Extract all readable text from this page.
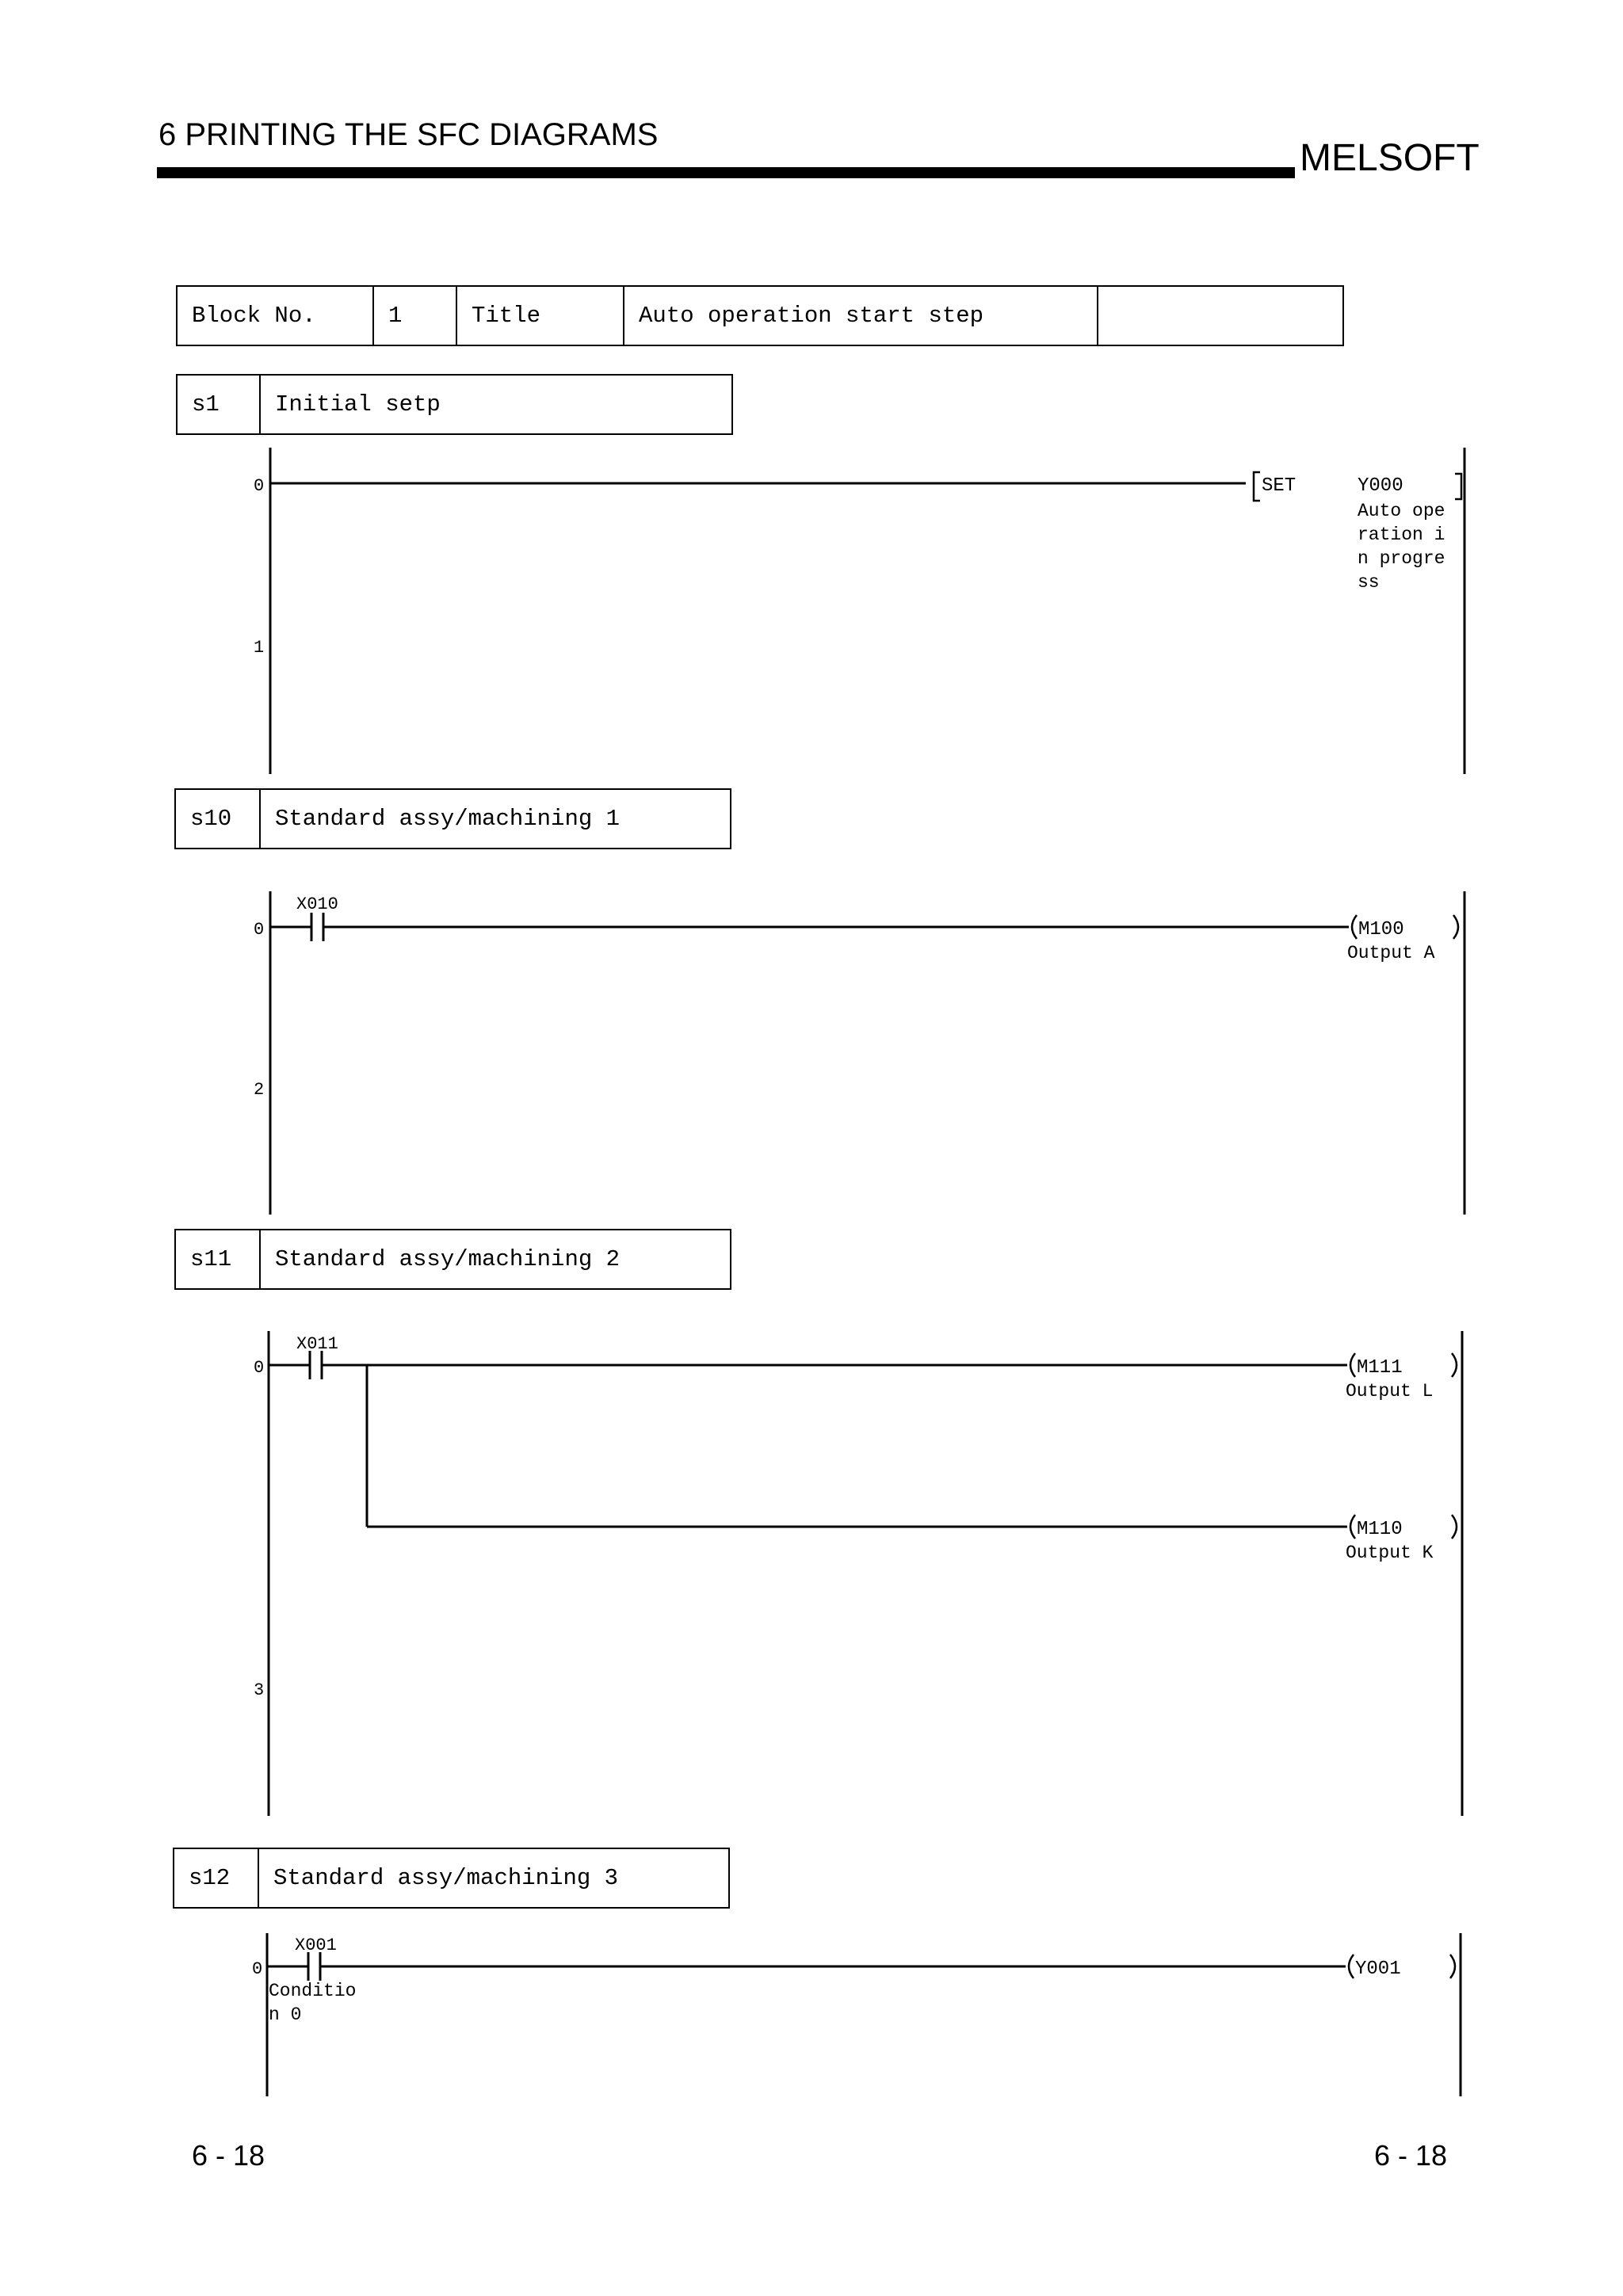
6 PRINTING THE SFC DIAGRAMS
MELSOFT
Block No.	1	Title	Auto operation start step
s1	Initial setp
s10	Standard assy/machining 1
s11	Standard assy/machining 2
s12	Standard assy/machining 3
0
1
SET	Y000
Auto ope
ration i
n progre
ss
X010
0
2
M100
Output A
X011
0
3
M111
Output L
M110
Output K
X001
Conditio
n 0
0	Y001
6 - 18	6 - 18
